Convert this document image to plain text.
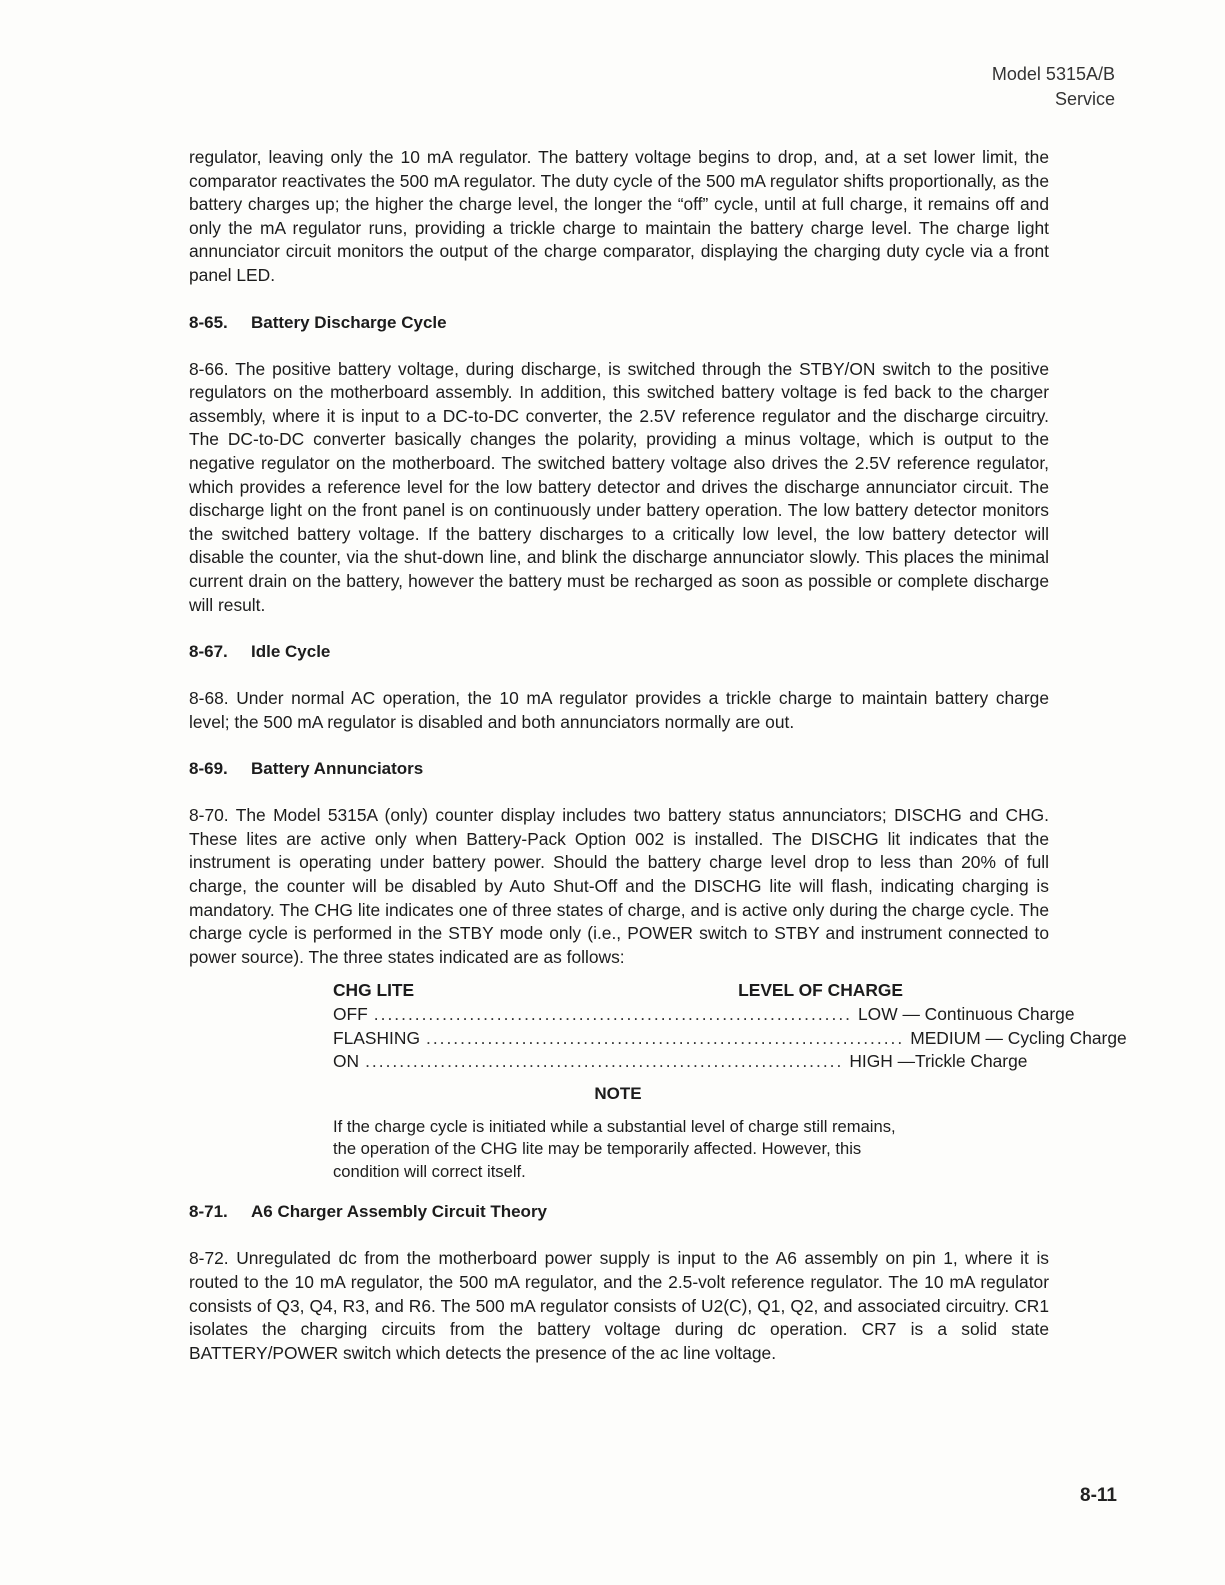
Model 5315A/B
Service

regulator, leaving only the 10 mA regulator. The battery voltage begins to drop, and, at a set lower limit, the comparator reactivates the 500 mA regulator. The duty cycle of the 500 mA regulator shifts proportionally, as the battery charges up; the higher the charge level, the longer the “off” cycle, until at full charge, it remains off and only the mA regulator runs, providing a trickle charge to maintain the battery charge level. The charge light annunciator circuit monitors the output of the charge comparator, displaying the charging duty cycle via a front panel LED.

8-65. Battery Discharge Cycle

8-66. The positive battery voltage, during discharge, is switched through the STBY/ON switch to the positive regulators on the motherboard assembly. In addition, this switched battery voltage is fed back to the charger assembly, where it is input to a DC-to-DC converter, the 2.5V reference regulator and the discharge circuitry. The DC-to-DC converter basically changes the polarity, providing a minus voltage, which is output to the negative regulator on the motherboard. The switched battery voltage also drives the 2.5V reference regulator, which provides a reference level for the low battery detector and drives the discharge annunciator circuit. The discharge light on the front panel is on continuously under battery operation. The low battery detector monitors the switched battery voltage. If the battery discharges to a critically low level, the low battery detector will disable the counter, via the shut-down line, and blink the discharge annunciator slowly. This places the minimal current drain on the battery, however the battery must be recharged as soon as possible or complete discharge will result.

8-67. Idle Cycle

8-68. Under normal AC operation, the 10 mA regulator provides a trickle charge to maintain battery charge level; the 500 mA regulator is disabled and both annunciators normally are out.

8-69. Battery Annunciators

8-70. The Model 5315A (only) counter display includes two battery status annunciators; DISCHG and CHG. These lites are active only when Battery-Pack Option 002 is installed. The DISCHG lit indicates that the instrument is operating under battery power. Should the battery charge level drop to less than 20% of full charge, the counter will be disabled by Auto Shut-Off and the DISCHG lite will flash, indicating charging is mandatory. The CHG lite indicates one of three states of charge, and is active only during the charge cycle. The charge cycle is performed in the STBY mode only (i.e., POWER switch to STBY and instrument connected to power source). The three states indicated are as follows:

CHG LITE	LEVEL OF CHARGE
OFF ...................................................................... LOW — Continuous Charge
FLASHING ...................................................................... MEDIUM — Cycling Charge
ON ...................................................................... HIGH —Trickle Charge
NOTE
If the charge cycle is initiated while a substantial level of charge still remains, the operation of the CHG lite may be temporarily affected. However, this condition will correct itself.
8-71. A6 Charger Assembly Circuit Theory

8-72. Unregulated dc from the motherboard power supply is input to the A6 assembly on pin 1, where it is routed to the 10 mA regulator, the 500 mA regulator, and the 2.5-volt reference regulator. The 10 mA regulator consists of Q3, Q4, R3, and R6. The 500 mA regulator consists of U2(C), Q1, Q2, and associated circuitry. CR1 isolates the charging circuits from the battery voltage during dc operation. CR7 is a solid state BATTERY/POWER switch which detects the presence of the ac line voltage.

8-11
